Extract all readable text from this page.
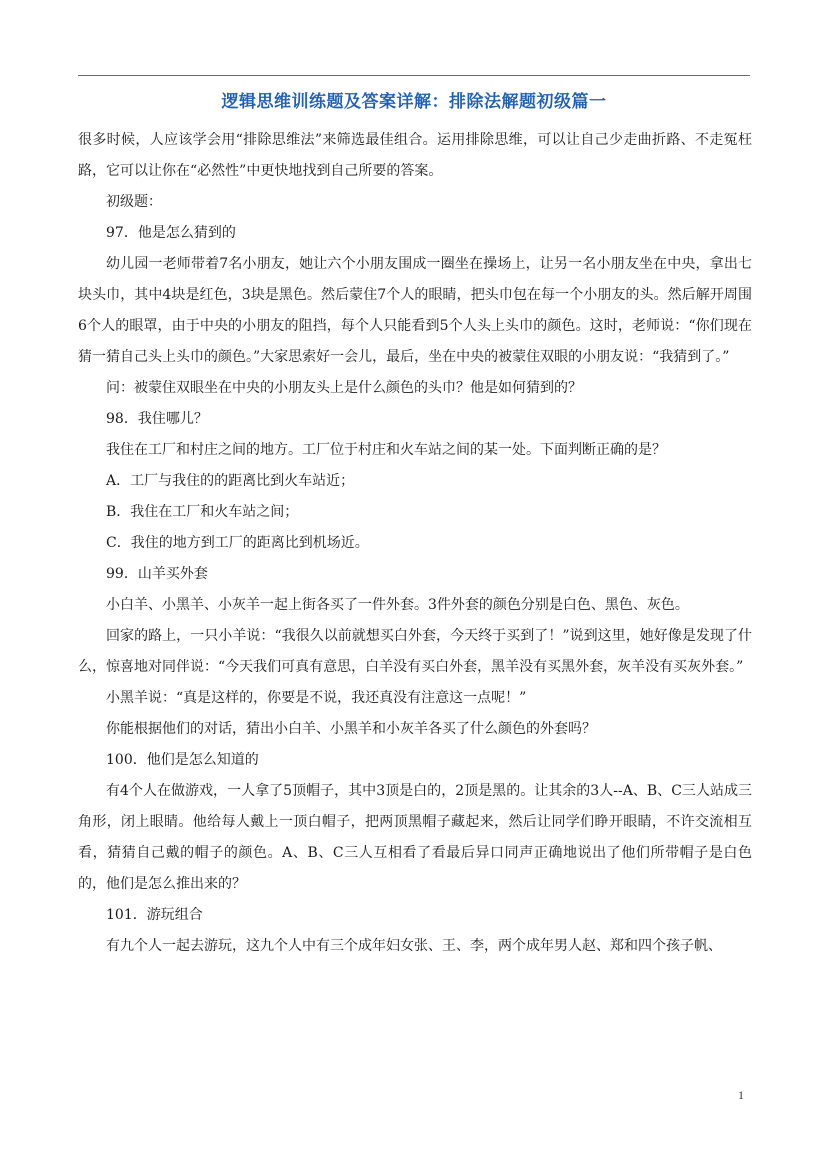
逻辑思维训练题及答案详解：排除法解题初级篇一

很多时候，人应该学会用“排除思维法”来筛选最佳组合。运用排除思维，可以让自己少走曲折路、不走冤枉路，它可以让你在“必然性”中更快地找到自己所要的答案。

初级题：

97．他是怎么猜到的

幼儿园一老师带着7名小朋友，她让六个小朋友围成一圈坐在操场上，让另一名小朋友坐在中央，拿出七块头巾，其中4块是红色，3块是黑色。然后蒙住7个人的眼睛，把头巾包在每一个小朋友的头。然后解开周围6个人的眼罩，由于中央的小朋友的阻挡，每个人只能看到5个人头上头巾的颜色。这时，老师说：“你们现在猜一猜自己头上头巾的颜色。”大家思索好一会儿，最后，坐在中央的被蒙住双眼的小朋友说：“我猜到了。”

问：被蒙住双眼坐在中央的小朋友头上是什么颜色的头巾？他是如何猜到的？

98．我住哪儿？

我住在工厂和村庄之间的地方。工厂位于村庄和火车站之间的某一处。下面判断正确的是？

A．工厂与我住的的距离比到火车站近；

B．我住在工厂和火车站之间；

C．我住的地方到工厂的距离比到机场近。

99．山羊买外套

小白羊、小黑羊、小灰羊一起上街各买了一件外套。3件外套的颜色分别是白色、黑色、灰色。

回家的路上，一只小羊说：“我很久以前就想买白外套，今天终于买到了！”说到这里，她好像是发现了什么，惊喜地对同伴说：“今天我们可真有意思，白羊没有买白外套，黑羊没有买黑外套，灰羊没有买灰外套。”

小黑羊说：“真是这样的，你要是不说，我还真没有注意这一点呢！”

你能根据他们的对话，猜出小白羊、小黑羊和小灰羊各买了什么颜色的外套吗？

100．他们是怎么知道的

有4个人在做游戏，一人拿了5顶帽子，其中3顶是白的，2顶是黑的。让其余的3人--A、B、C三人站成三角形，闭上眼睛。他给每人戴上一顶白帽子，把两顶黑帽子藏起来，然后让同学们睁开眼睛，不许交流相互看，猜猜自己戴的帽子的颜色。A、B、C三人互相看了看最后异口同声正确地说出了他们所带帽子是白色的，他们是怎么推出来的？

101．游玩组合

有九个人一起去游玩，这九个人中有三个成年妇女张、王、李，两个成年男人赵、郑和四个孩子帆、

1
